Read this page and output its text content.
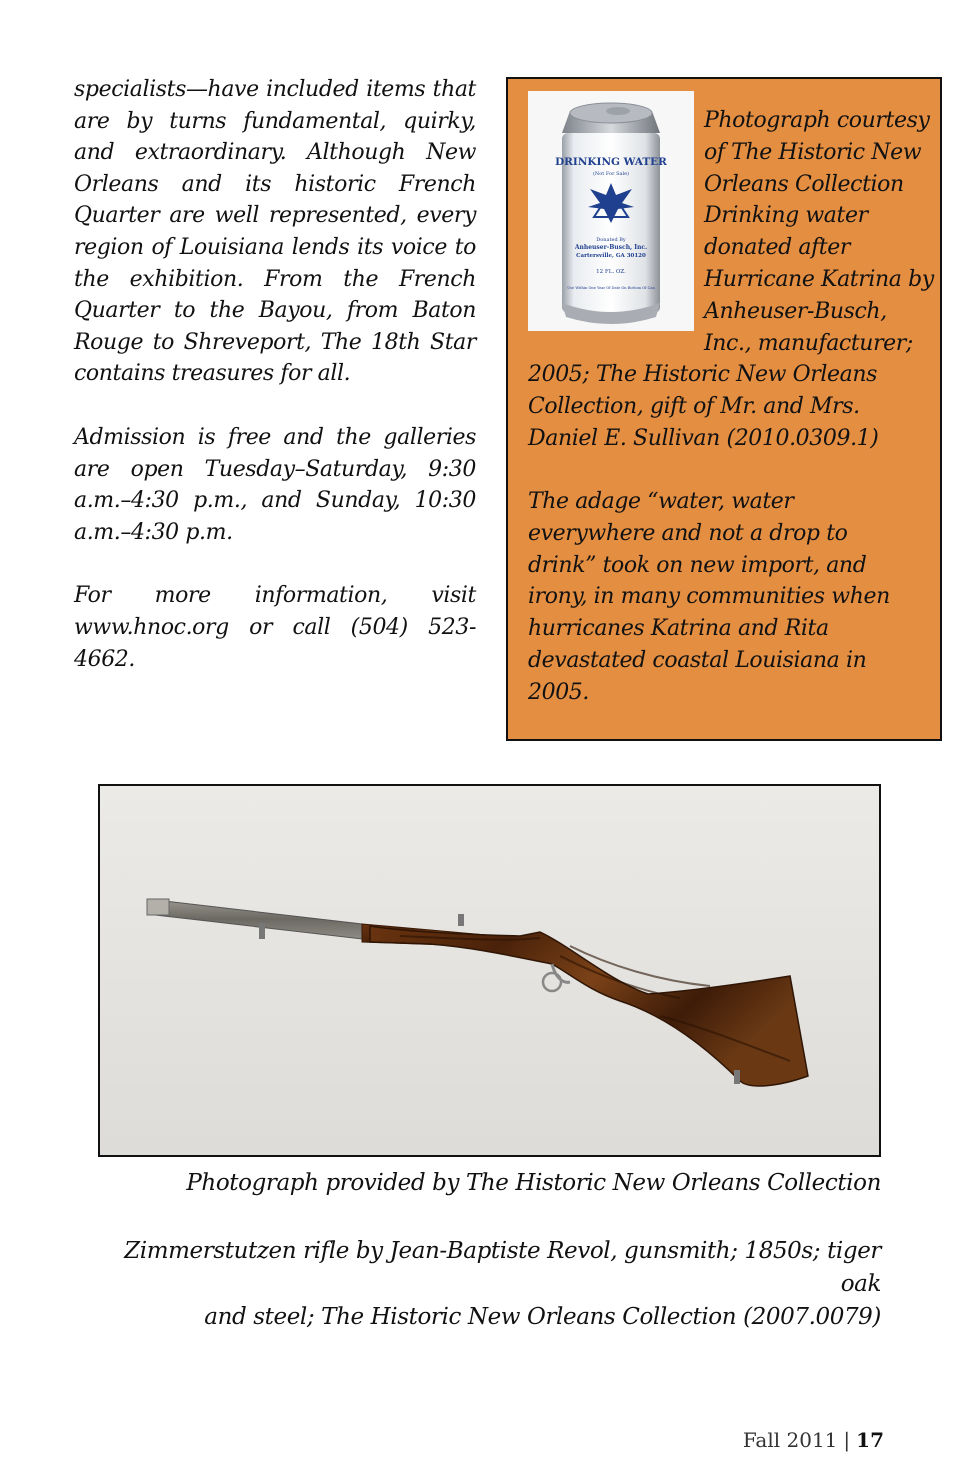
specialists—have included items that are by turns fundamental, quirky, and extraordinary. Although New Orleans and its historic French Quarter are well represented, every region of Louisiana lends its voice to the exhibition. From the French Quarter to the Bayou, from Baton Rouge to Shreveport, The 18th Star contains treasures for all.

Admission is free and the galleries are open Tuesday–Saturday, 9:30 a.m.–4:30 p.m., and Sunday, 10:30 a.m.–4:30 p.m.

For more information, visit www.hnoc.org or call (504) 523-4662.

DRINKING WATER
(Not For Sale)
Donated By
Anheuser-Busch, Inc.
Cartersville, GA 30120
12 FL. OZ.
Use Within One Year Of Date On Bottom Of Can
Photograph courtesy of The Historic New Orleans Collection Drinking water donated after Hurricane Katrina by Anheuser-Busch, Inc., manufacturer;
2005; The Historic New Orleans Collection, gift of Mr. and Mrs. Daniel E. Sullivan (2010.0309.1)
The adage “water, water everywhere and not a drop to drink” took on new import, and irony, in many communities when hurricanes Katrina and Rita devastated coastal Louisiana in 2005.
Photograph provided by The Historic New Orleans Collection
Zimmerstutzen rifle by Jean-Baptiste Revol, gunsmith; 1850s; tiger oak
and steel; The Historic New Orleans Collection (2007.0079)
Fall 2011 | 17
